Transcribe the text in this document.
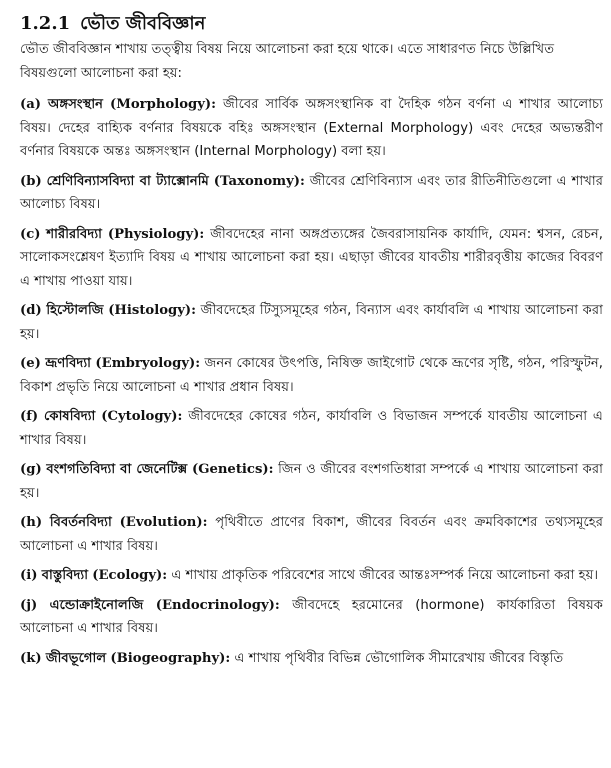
1.2.1 ভৌত জীববিজ্ঞান

ভৌত জীববিজ্ঞান শাখায় তত্ত্বীয় বিষয় নিয়ে আলোচনা করা হয়ে থাকে। এতে সাধারণত নিচে উল্লিখিত বিষয়গুলো আলোচনা করা হয়:

(a) অঙ্গসংস্থান (Morphology): জীবের সার্বিক অঙ্গসংস্থানিক বা দৈহিক গঠন বর্ণনা এ শাখার আলোচ্য বিষয়। দেহের বাহ্যিক বর্ণনার বিষয়কে বহিঃ অঙ্গসংস্থান (External Morphology) এবং দেহের অভ্যন্তরীণ বর্ণনার বিষয়কে অন্তঃ অঙ্গসংস্থান (Internal Morphology) বলা হয়।

(b) শ্রেণিবিন্যাসবিদ্যা বা ট্যাক্সোনমি (Taxonomy): জীবের শ্রেণিবিন্যাস এবং তার রীতিনীতিগুলো এ শাখার আলোচ্য বিষয়।

(c) শারীরবিদ্যা (Physiology): জীবদেহের নানা অঙ্গপ্রত্যঙ্গের জৈবরাসায়নিক কার্যাদি, যেমন: শ্বসন, রেচন, সালোকসংশ্লেষণ ইত্যাদি বিষয় এ শাখায় আলোচনা করা হয়। এছাড়া জীবের যাবতীয় শারীরবৃত্তীয় কাজের বিবরণ এ শাখায় পাওয়া যায়।

(d) হিস্টোলজি (Histology): জীবদেহের টিস্যুসমূহের গঠন, বিন্যাস এবং কার্যাবলি এ শাখায় আলোচনা করা হয়।

(e) ভ্রূণবিদ্যা (Embryology): জনন কোষের উৎপত্তি, নিষিক্ত জাইগোট থেকে ভ্রূণের সৃষ্টি, গঠন, পরিস্ফুটন, বিকাশ প্রভৃতি নিয়ে আলোচনা এ শাখার প্রধান বিষয়।

(f) কোষবিদ্যা (Cytology): জীবদেহের কোষের গঠন, কার্যাবলি ও বিভাজন সম্পর্কে যাবতীয় আলোচনা এ শাখার বিষয়।

(g) বংশগতিবিদ্যা বা জেনেটিক্স (Genetics): জিন ও জীবের বংশগতিধারা সম্পর্কে এ শাখায় আলোচনা করা হয়।

(h) বিবর্তনবিদ্যা (Evolution): পৃথিবীতে প্রাণের বিকাশ, জীবের বিবর্তন এবং ক্রমবিকাশের তথ্যসমূহের আলোচনা এ শাখার বিষয়।

(i) বাস্তুবিদ্যা (Ecology): এ শাখায় প্রাকৃতিক পরিবেশের সাথে জীবের আন্তঃসম্পর্ক নিয়ে আলোচনা করা হয়।

(j) এন্ডোক্রাইনোলজি (Endocrinology): জীবদেহে হরমোনের (hormone) কার্যকারিতা বিষয়ক আলোচনা এ শাখার বিষয়।

(k) জীবভূগোল (Biogeography): এ শাখায় পৃথিবীর বিভিন্ন ভৌগোলিক সীমারেখায় জীবের বিস্তৃতি
